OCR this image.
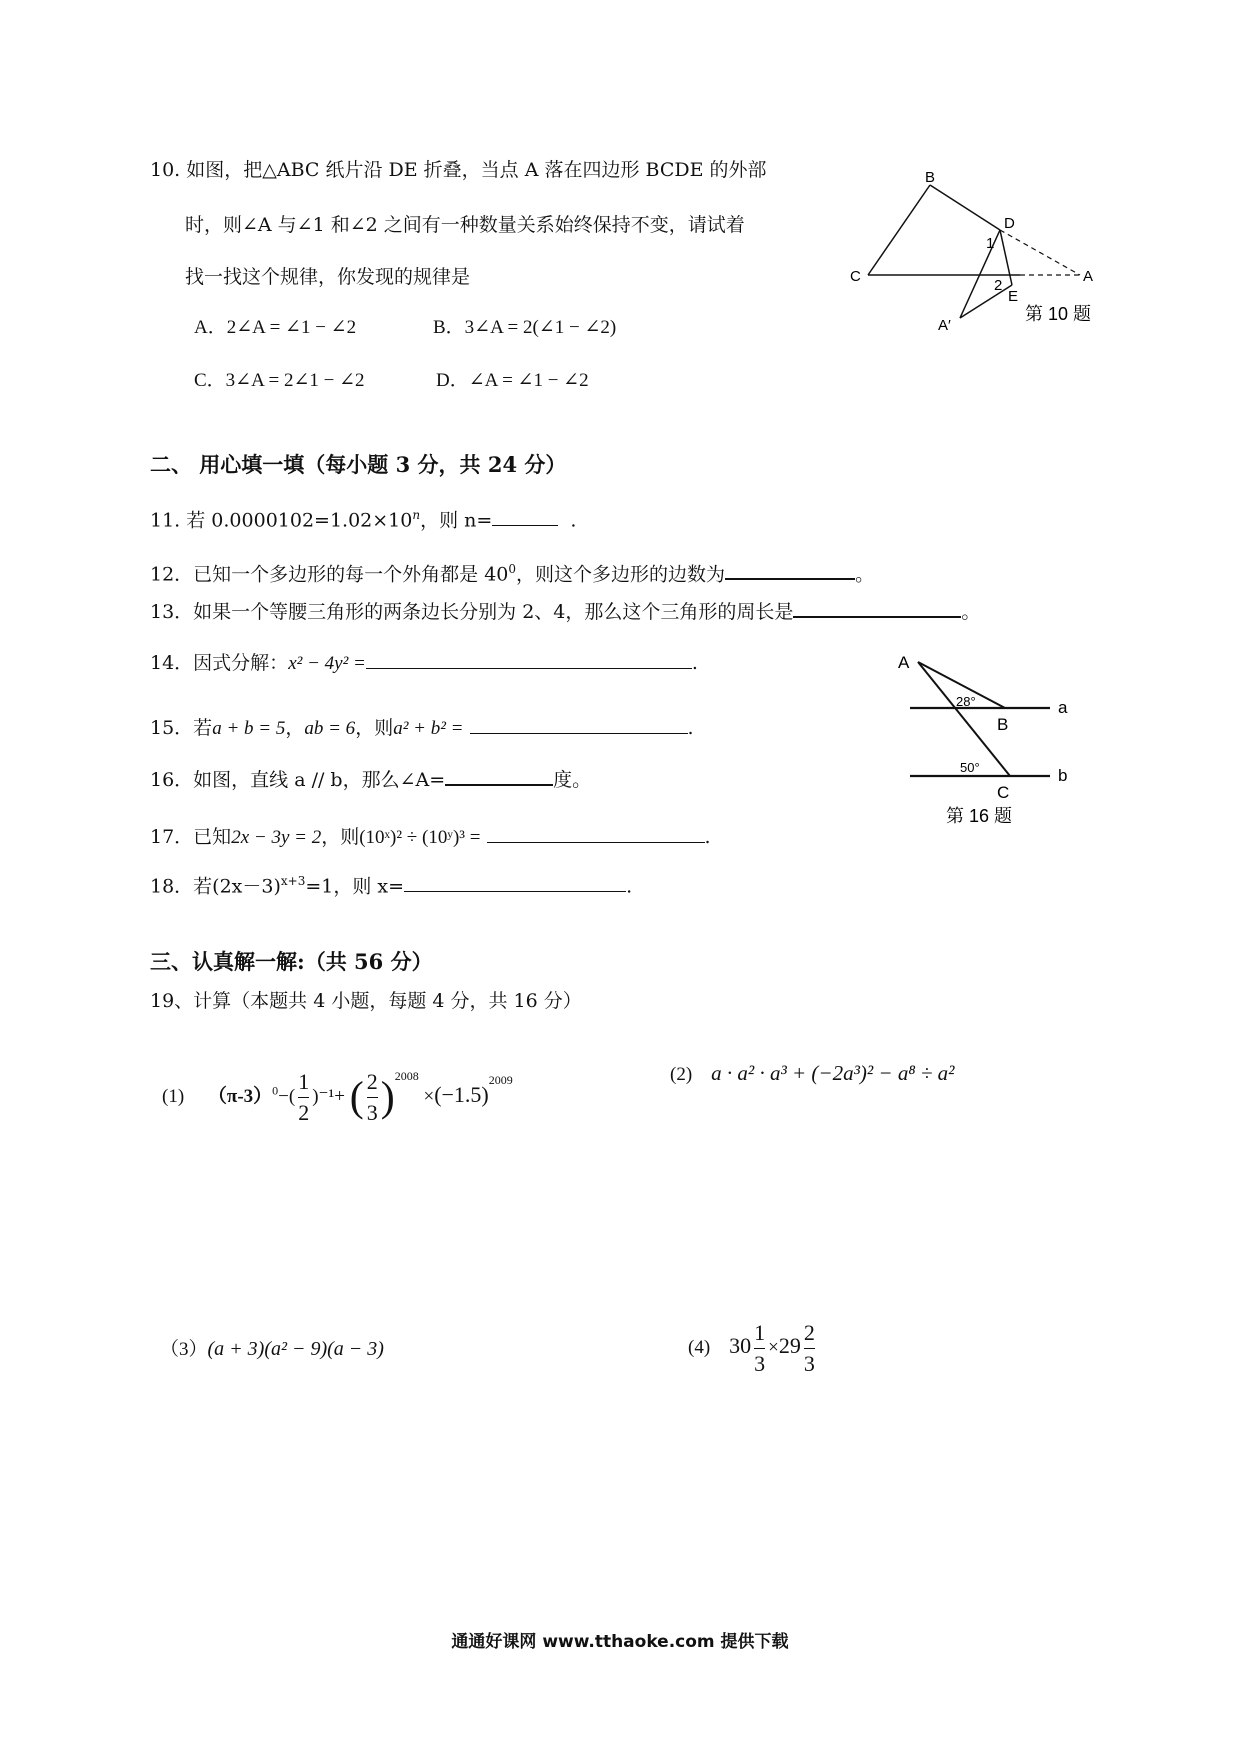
10. 如图，把△ABC 纸片沿 DE 折叠，当点 A 落在四边形 BCDE 的外部
时，则∠A 与∠1 和∠2 之间有一种数量关系始终保持不变，请试着
找一找这个规律，你发现的规律是
A．2∠A = ∠1 − ∠2	B．3∠A = 2(∠1 − ∠2)
C．3∠A = 2∠1 − ∠2	D．∠A = ∠1 − ∠2
B
C
D
E
A
A′
1
2
第 10 题
二、 用心填一填（每小题 3 分，共 24 分）
11. 若 $0.0000102=1.02\times 10^n$，则 n=	.
12．已知一个多边形的每一个外角都是 $40^0$，则这个多边形的边数为	。
13．如果一个等腰三角形的两条边长分别为 2、4，那么这个三角形的周长是	。
14．因式分解：x² − 4y² =	.
15．若a + b = 5，ab = 6，则a² + b² =	.
16．如图，直线 a // b，那么∠A=	度。
17．已知2x − 3y = 2，则(10ˣ)² ÷ (10ʸ)³ =	.
18．若$(2x-3)^{x+3}=1$，则 x=	.
A
B
C
a
b
28°
50°
第 16 题
三、认真解一解:（共 56 分）
19、计算（本题共 4 小题，每题 4 分，共 16 分）
(1) $(\pi-3)^0-( \frac{1}{2} )^{-1}+$ ( $\frac{2}{3} )^{2008} \times(-1.5)^{2009}$	(2) a · a² · a³ + (−2a³)² − a⁸ ÷ a²
（3）(a + 3)(a² − 9)(a − 3)	(4) $30 \frac{1}{3} \times 29 \frac{2}{3}$
通通好课网 www.tthaoke.com 提供下载
